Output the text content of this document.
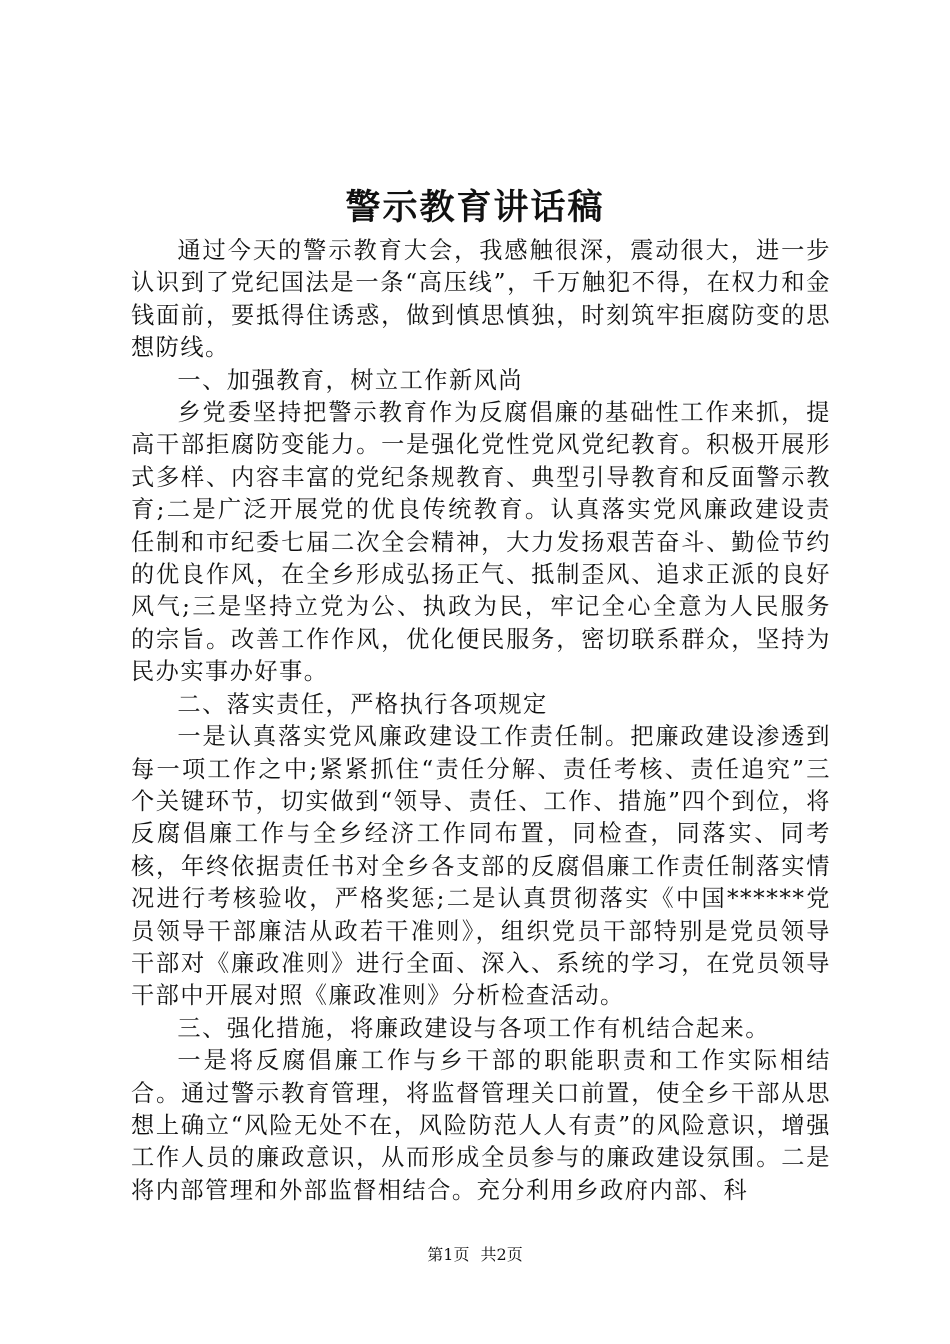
警示教育讲话稿

通过今天的警示教育大会，我感触很深，震动很大，进一步认识到了党纪国法是一条“高压线”，千万触犯不得，在权力和金钱面前，要抵得住诱惑，做到慎思慎独，时刻筑牢拒腐防变的思想防线。

一、加强教育，树立工作新风尚

乡党委坚持把警示教育作为反腐倡廉的基础性工作来抓，提高干部拒腐防变能力。一是强化党性党风党纪教育。积极开展形式多样、内容丰富的党纪条规教育、典型引导教育和反面警示教育;二是广泛开展党的优良传统教育。认真落实党风廉政建设责任制和市纪委七届二次全会精神，大力发扬艰苦奋斗、勤俭节约的优良作风，在全乡形成弘扬正气、抵制歪风、追求正派的良好风气;三是坚持立党为公、执政为民，牢记全心全意为人民服务的宗旨。改善工作作风，优化便民服务，密切联系群众，坚持为民办实事办好事。

二、落实责任，严格执行各项规定

一是认真落实党风廉政建设工作责任制。把廉政建设渗透到每一项工作之中;紧紧抓住“责任分解、责任考核、责任追究”三个关键环节，切实做到“领导、责任、工作、措施”四个到位，将反腐倡廉工作与全乡经济工作同布置，同检查，同落实、同考核，年终依据责任书对全乡各支部的反腐倡廉工作责任制落实情况进行考核验收，严格奖惩;二是认真贯彻落实《中国******党员领导干部廉洁从政若干准则》，组织党员干部特别是党员领导干部对《廉政准则》进行全面、深入、系统的学习，在党员领导干部中开展对照《廉政准则》分析检查活动。

三、强化措施，将廉政建设与各项工作有机结合起来。

一是将反腐倡廉工作与乡干部的职能职责和工作实际相结合。通过警示教育管理，将监督管理关口前置，使全乡干部从思想上确立“风险无处不在，风险防范人人有责”的风险意识，增强工作人员的廉政意识，从而形成全员参与的廉政建设氛围。二是将内部管理和外部监督相结合。充分利用乡政府内部、科

第1页 共2页
